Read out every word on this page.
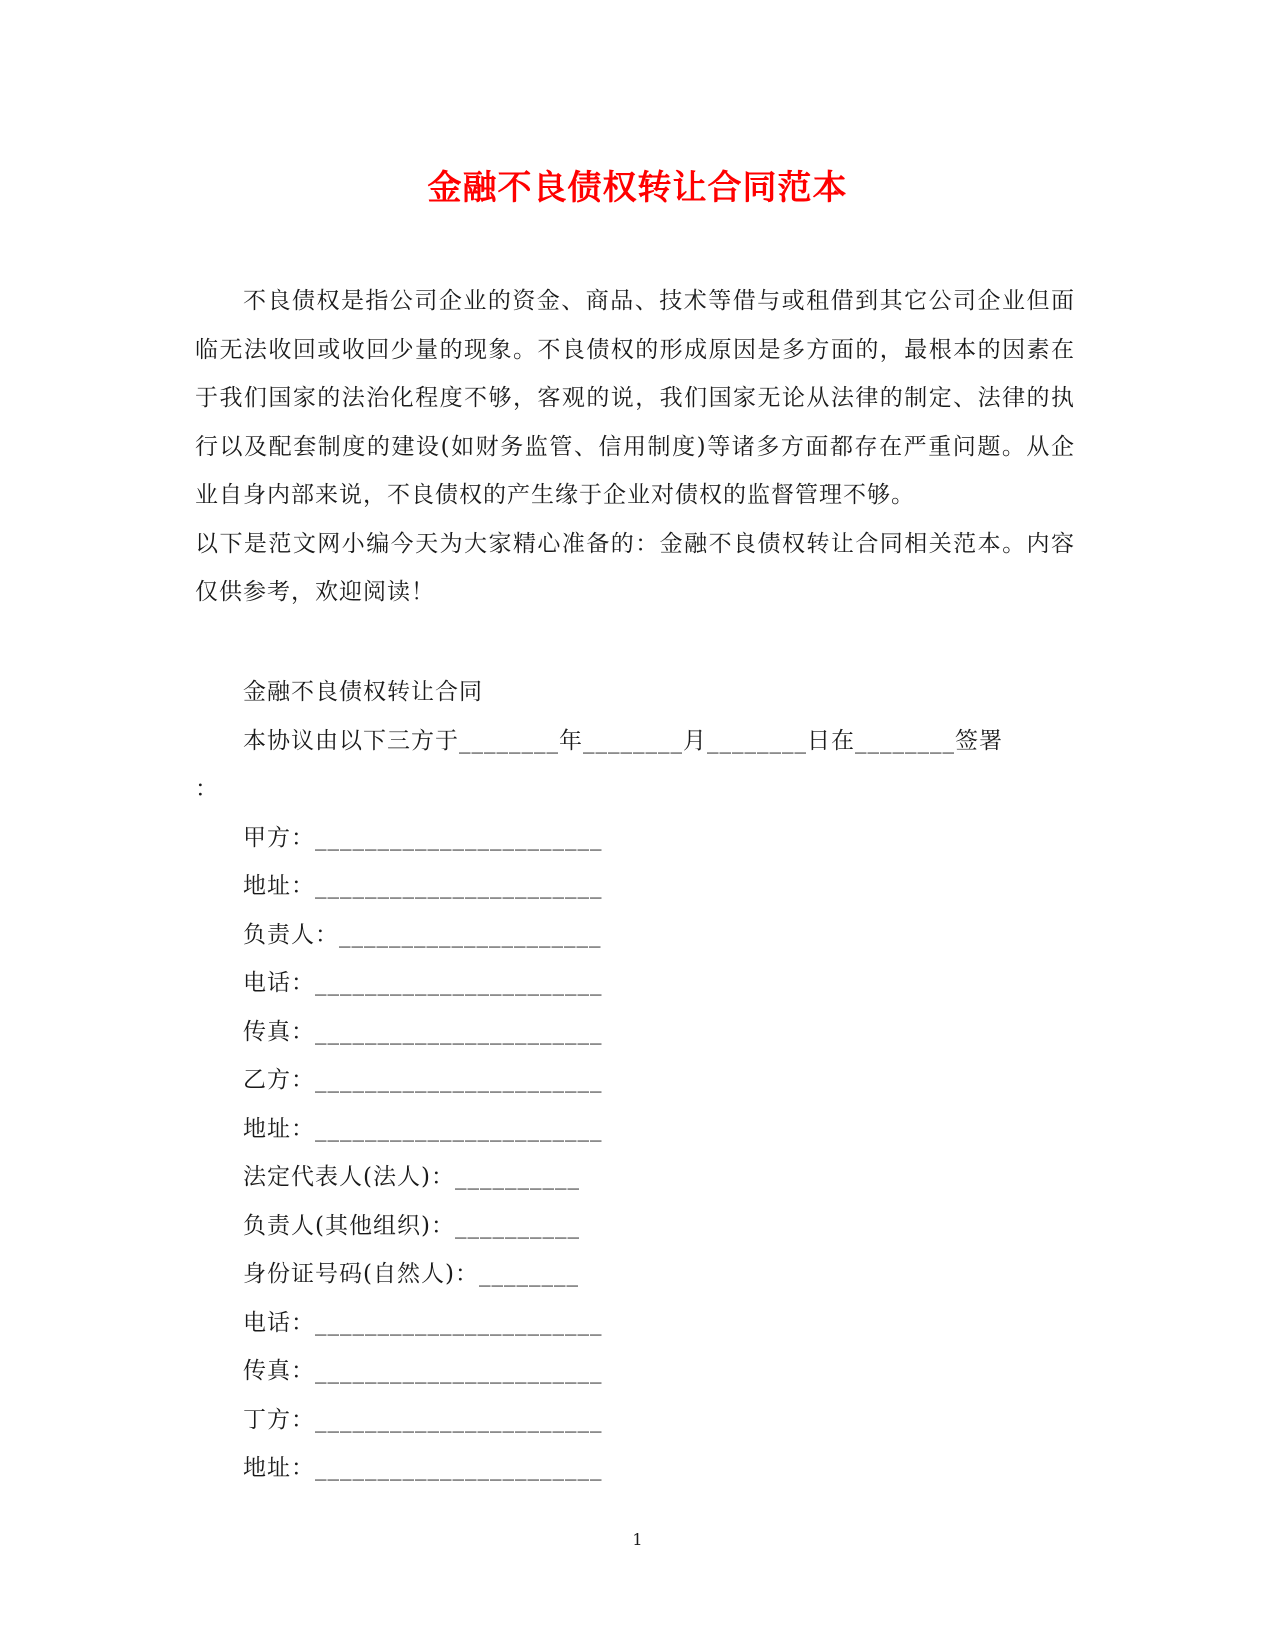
金融不良债权转让合同范本

不良债权是指公司企业的资金、商品、技术等借与或租借到其它公司企业但面临无法收回或收回少量的现象。不良债权的形成原因是多方面的，最根本的因素在于我们国家的法治化程度不够，客观的说，我们国家无论从法律的制定、法律的执行以及配套制度的建设(如财务监管、信用制度)等诸多方面都存在严重问题。从企业自身内部来说，不良债权的产生缘于企业对债权的监督管理不够。

以下是范文网小编今天为大家精心准备的：金融不良债权转让合同相关范本。内容仅供参考，欢迎阅读！

金融不良债权转让合同

本协议由以下三方于________年________月________日在________签署

：

甲方：_______________________

地址：_______________________

负责人：_____________________

电话：_______________________

传真：_______________________

乙方：_______________________

地址：_______________________

法定代表人(法人)：__________

负责人(其他组织)：__________

身份证号码(自然人)：________

电话：_______________________

传真：_______________________

丁方：_______________________

地址：_______________________

1
